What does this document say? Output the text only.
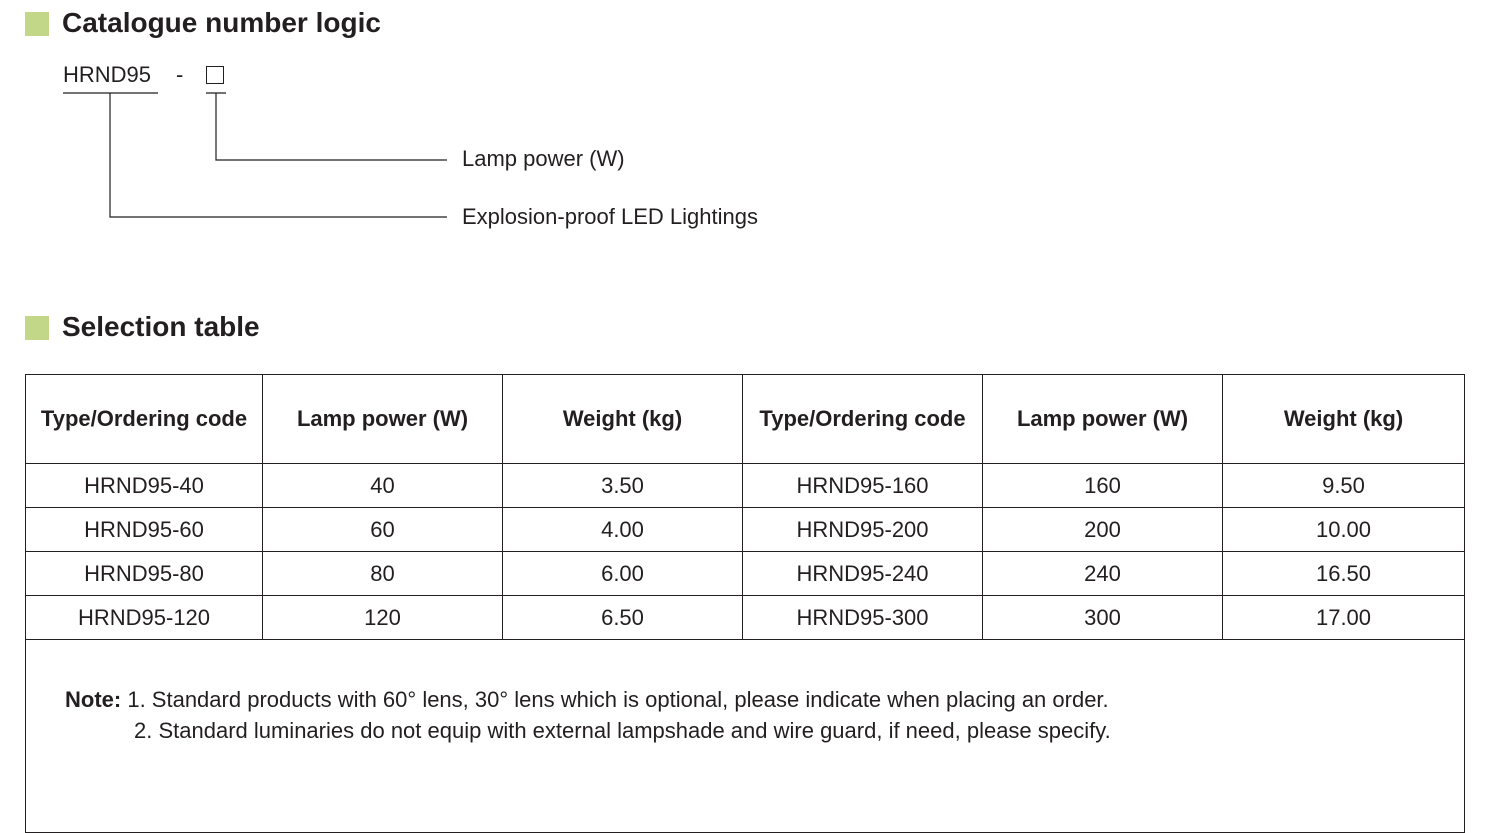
Catalogue number logic
HRND95 -
Lamp power (W)
Explosion-proof LED Lightings
Selection table
Type/Ordering code	Lamp power (W)	Weight (kg)	Type/Ordering code	Lamp power (W)	Weight (kg)
HRND95-40	40	3.50	HRND95-160	160	9.50
HRND95-60	60	4.00	HRND95-200	200	10.00
HRND95-80	80	6.00	HRND95-240	240	16.50
HRND95-120	120	6.50	HRND95-300	300	17.00

Note: 1. Standard products with 60° lens, 30° lens which is optional, please indicate when placing an order.
2. Standard luminaries do not equip with external lampshade and wire guard, if need, please specify.					
